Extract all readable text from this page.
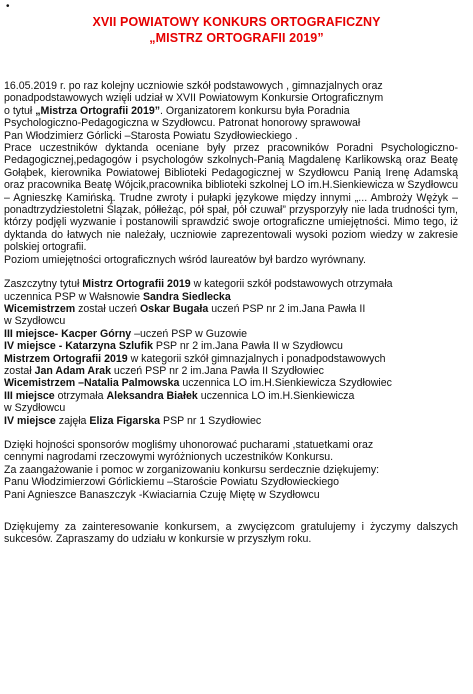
•
XVII POWIATOWY KONKURS ORTOGRAFICZNY
„MISTRZ ORTOGRAFII 2019”

16.05.2019 r. po raz kolejny uczniowie szkół podstawowych , gimnazjalnych oraz

ponadpodstawowych wzięli udział w XVII Powiatowym Konkursie Ortograficznym

o tytuł „Mistrza Ortografii 2019”. Organizatorem konkursu była Poradnia

Psychologiczno-Pedagogiczna w Szydłowcu. Patronat honorowy sprawował

Pan Włodzimierz Górlicki –Starosta Powiatu Szydłowieckiego .

Prace uczestników dyktanda oceniane były przez pracowników Poradni Psychologiczno-Pedagogicznej,pedagogów i psychologów szkolnych-Panią Magdalenę Karlikowską oraz Beatę Gołąbek, kierownika Powiatowej Biblioteki Pedagogicznej w Szydłowcu Panią Irenę Adamską oraz pracownika Beatę Wójcik,pracownika biblioteki szkolnej LO im.H.Sienkiewicza w Szydłowcu – Agnieszkę Kamińską. Trudne zwroty i pułapki językowe między innymi „... Ambroży Wężyk –ponadtrzydziestoletni Ślązak, półłeżąc, pół spał, pół czuwał” przysporzyły nie lada trudności tym, którzy podjęli wyzwanie i postanowili sprawdzić swoje ortograficzne umiejętności. Mimo tego, iż dyktanda do łatwych nie należały, uczniowie zaprezentowali wysoki poziom wiedzy w zakresie polskiej ortografii.

Poziom umiejętności ortograficznych wśród laureatów był bardzo wyrównany.

Zaszczytny tytuł Mistrz Ortografii 2019 w kategorii szkół podstawowych otrzymała

uczennica PSP w Wałsnowie Sandra Siedlecka

Wicemistrzem został uczeń Oskar Bugała uczeń PSP nr 2 im.Jana Pawła II

w Szydłowcu

III miejsce- Kacper Górny –uczeń PSP w Guzowie

IV miejsce - Katarzyna Szlufik PSP nr 2 im.Jana Pawła II w Szydłowcu

Mistrzem Ortografii 2019 w kategorii szkół gimnazjalnych i ponadpodstawowych

został Jan Adam Arak uczeń PSP nr 2 im.Jana Pawła II Szydłowiec

Wicemistrzem –Natalia Palmowska uczennica LO im.H.Sienkiewicza Szydłowiec

III miejsce otrzymała Aleksandra Białek uczennica LO im.H.Sienkiewicza

w Szydłowcu

IV miejsce zajęła Eliza Figarska PSP nr 1 Szydłowiec

Dzięki hojności sponsorów mogliśmy uhonorować pucharami ,statuetkami oraz

cennymi nagrodami rzeczowymi wyróżnionych uczestników Konkursu.

Za zaangażowanie i pomoc w zorganizowaniu konkursu serdecznie dziękujemy:

Panu Włodzimierzowi Górlickiemu –Staroście Powiatu Szydłowieckiego

Pani Agnieszce Banaszczyk -Kwiaciarnia Czuję Miętę w Szydłowcu

Dziękujemy za zainteresowanie konkursem, a zwycięzcom gratulujemy i życzymy dalszych sukcesów. Zapraszamy do udziału w konkursie w przyszłym roku.
